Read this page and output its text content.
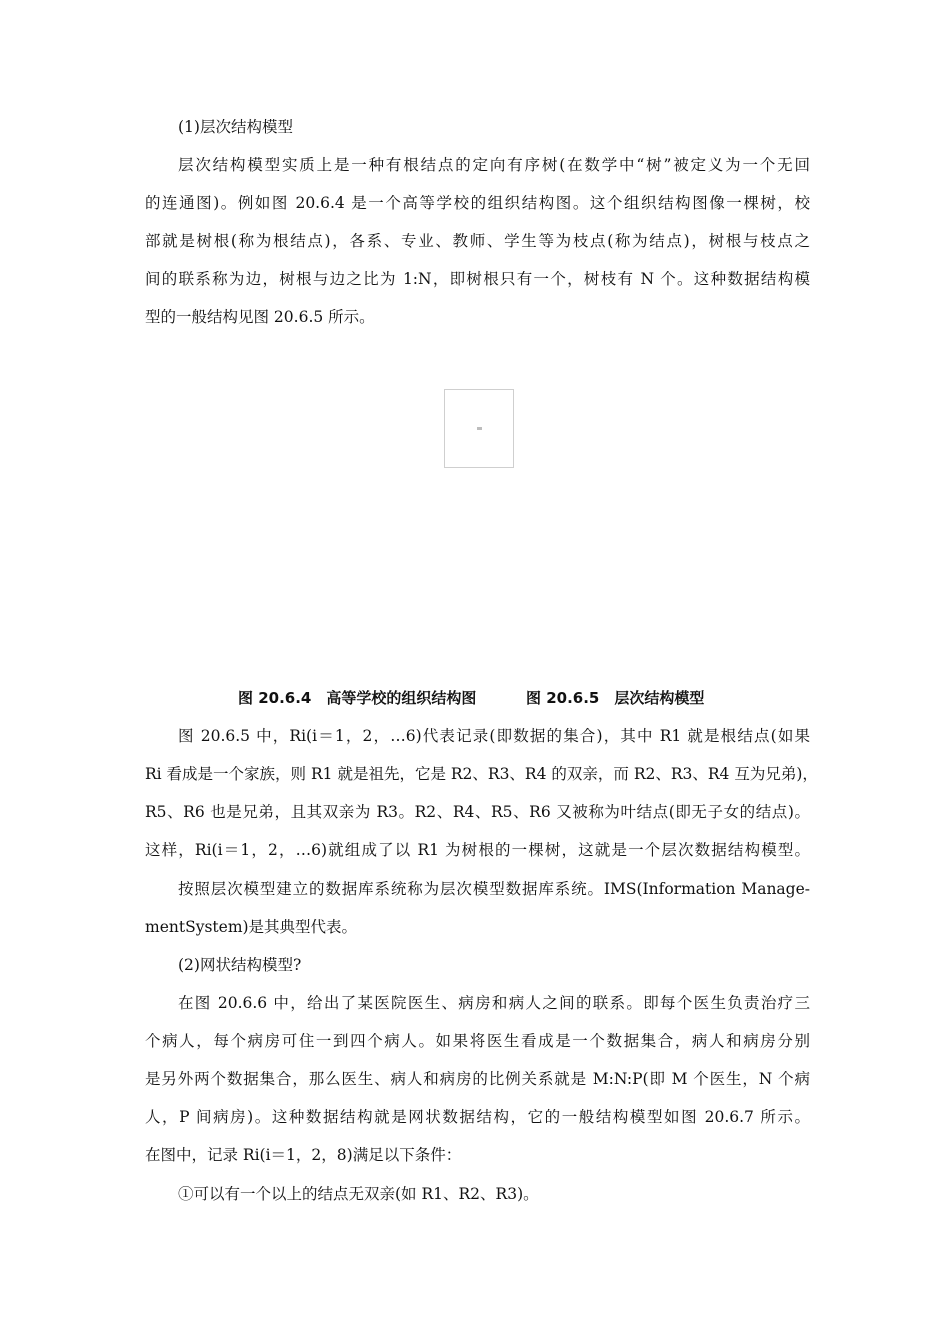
(1)层次结构模型
层次结构模型实质上是一种有根结点的定向有序树(在数学中“树”被定义为一个无回
的连通图)。例如图 20.6.4 是一个高等学校的组织结构图。这个组织结构图像一棵树，校
部就是树根(称为根结点)，各系、专业、教师、学生等为枝点(称为结点)，树根与枝点之
间的联系称为边，树根与边之比为 1:N，即树根只有一个，树枝有 N 个。这种数据结构模
型的一般结构见图 20.6.5 所示。
图 20.6.4　高等学校的组织结构图	图 20.6.5　层次结构模型
图 20.6.5 中，Ri(i＝1，2，…6)代表记录(即数据的集合)，其中 R1 就是根结点(如果
Ri 看成是一个家族，则 R1 就是祖先，它是 R2、R3、R4 的双亲，而 R2、R3、R4 互为兄弟)，
R5、R6 也是兄弟，且其双亲为 R3。R2、R4、R5、R6 又被称为叶结点(即无子女的结点)。
这样，Ri(i＝1，2，…6)就组成了以 R1 为树根的一棵树，这就是一个层次数据结构模型。
按照层次模型建立的数据库系统称为层次模型数据库系统。IMS(Information Manage-
mentSystem)是其典型代表。
(2)网状结构模型?
在图 20.6.6 中，给出了某医院医生、病房和病人之间的联系。即每个医生负责治疗三
个病人，每个病房可住一到四个病人。如果将医生看成是一个数据集合，病人和病房分别
是另外两个数据集合，那么医生、病人和病房的比例关系就是 M:N:P(即 M 个医生，N 个病
人，P 间病房)。这种数据结构就是网状数据结构，它的一般结构模型如图 20.6.7 所示。
在图中，记录 Ri(i＝1，2，8)满足以下条件：
①可以有一个以上的结点无双亲(如 R1、R2、R3)。
